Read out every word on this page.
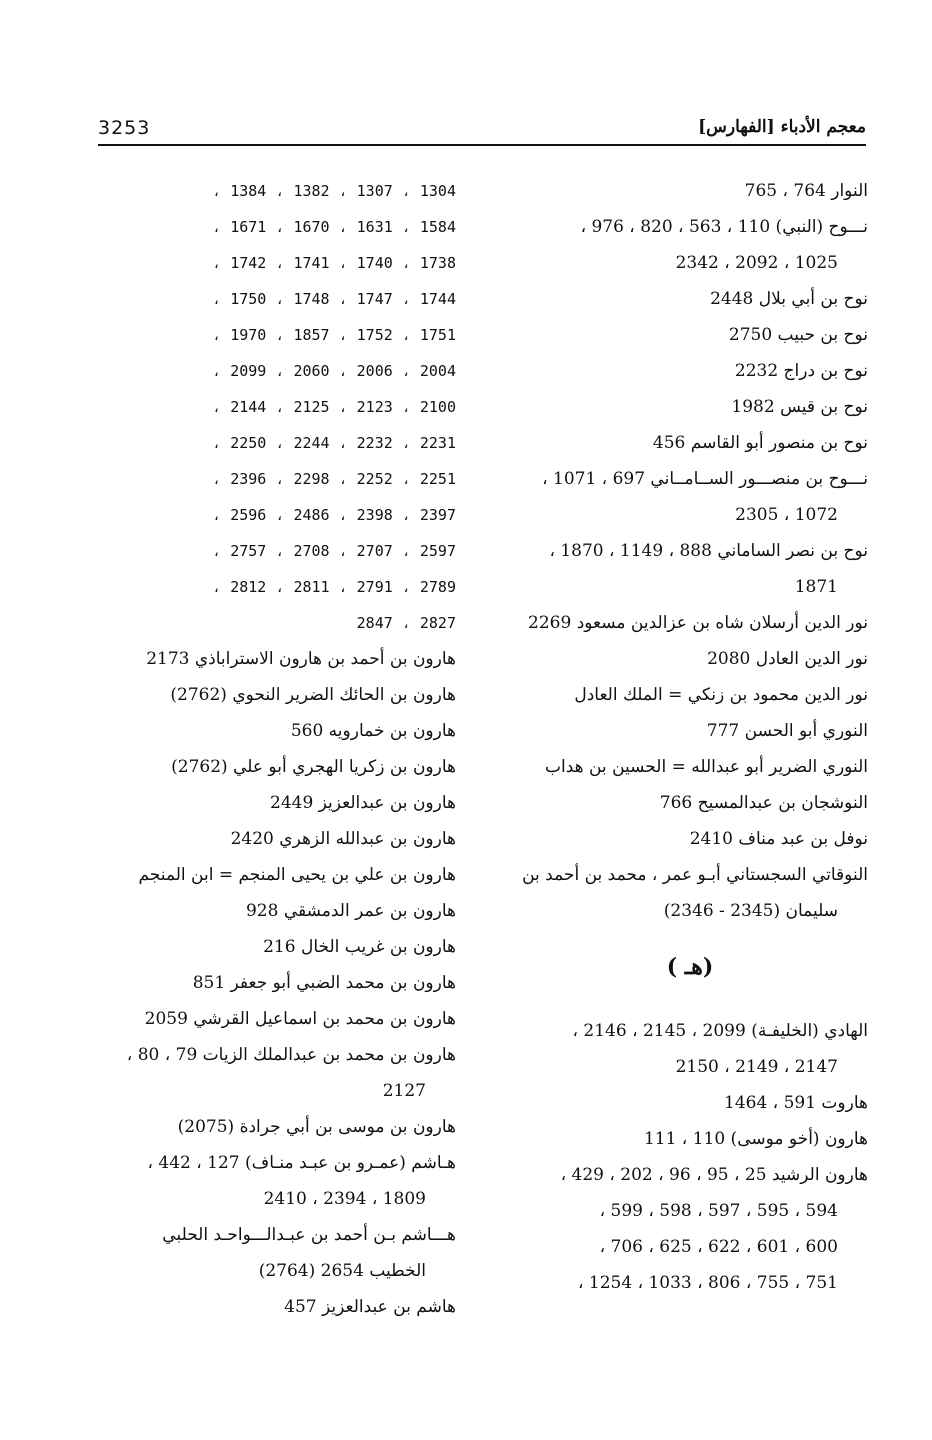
3253	معجم الأدباء [الفهارس]
النوار 764 ، 765
نـــوح (النبي) 110 ، 563 ، 820 ، 976 ،
1025 ، 2092 ، 2342
نوح بن أبي بلال 2448
نوح بن حبيب 2750
نوح بن دراج 2232
نوح بن قيس 1982
نوح بن منصور أبو القاسم 456
نـــوح بن منصـــور الســامــاني 697 ، 1071 ،
1072 ، 2305
نوح بن نصر الساماني 888 ، 1149 ، 1870 ،
1871
نور الدين أرسلان شاه بن عزالدين مسعود 2269
نور الدين العادل 2080
نور الدين محمود بن زنكي = الملك العادل
النوري أبو الحسن 777
النوري الضرير أبو عبدالله = الحسين بن هداب
النوشجان بن عبدالمسيح 766
نوفل بن عبد مناف 2410
النوقاتي السجستاني أبـو عمر ، محمد بن أحمد بن
سليمان (2345 - 2346)
(هـ )
الهادي (الخليفـة) 2099 ، 2145 ، 2146 ،
2147 ، 2149 ، 2150
هاروت 591 ، 1464
هارون (أخو موسى) 110 ، 111
هارون الرشيد 25 ، 95 ، 96 ، 202 ، 429 ،
594 ، 595 ، 597 ، 598 ، 599 ،
600 ، 601 ، 622 ، 625 ، 706 ،
751 ، 755 ، 806 ، 1033 ، 1254 ،
1304 ، 1307 ، 1382 ، 1384 ،
1584 ، 1631 ، 1670 ، 1671 ،
1738 ، 1740 ، 1741 ، 1742 ،
1744 ، 1747 ، 1748 ، 1750 ،
1751 ، 1752 ، 1857 ، 1970 ،
2004 ، 2006 ، 2060 ، 2099 ،
2100 ، 2123 ، 2125 ، 2144 ،
2231 ، 2232 ، 2244 ، 2250 ،
2251 ، 2252 ، 2298 ، 2396 ،
2397 ، 2398 ، 2486 ، 2596 ،
2597 ، 2707 ، 2708 ، 2757 ،
2789 ، 2791 ، 2811 ، 2812 ،
2827 ، 2847
هارون بن أحمد بن هارون الاستراباذي 2173
هارون بن الحائك الضرير النحوي (2762)
هارون بن خمارويه 560
هارون بن زكريا الهجري أبو علي (2762)
هارون بن عبدالعزيز 2449
هارون بن عبدالله الزهري 2420
هارون بن علي بن يحيى المنجم = ابن المنجم
هارون بن عمر الدمشقي 928
هارون بن غريب الخال 216
هارون بن محمد الضبي أبو جعفر 851
هارون بن محمد بن اسماعيل القرشي 2059
هارون بن محمد بن عبدالملك الزيات 79 ، 80 ،
2127
هارون بن موسى بن أبي جرادة (2075)
هـاشم (عمـرو بن عبـد منـاف) 127 ، 442 ،
1809 ، 2394 ، 2410
هـــاشم بـن أحمد بن عبـدالـــواحـد الحلبي
الخطيب 2654 (2764)
هاشم بن عبدالعزيز 457
